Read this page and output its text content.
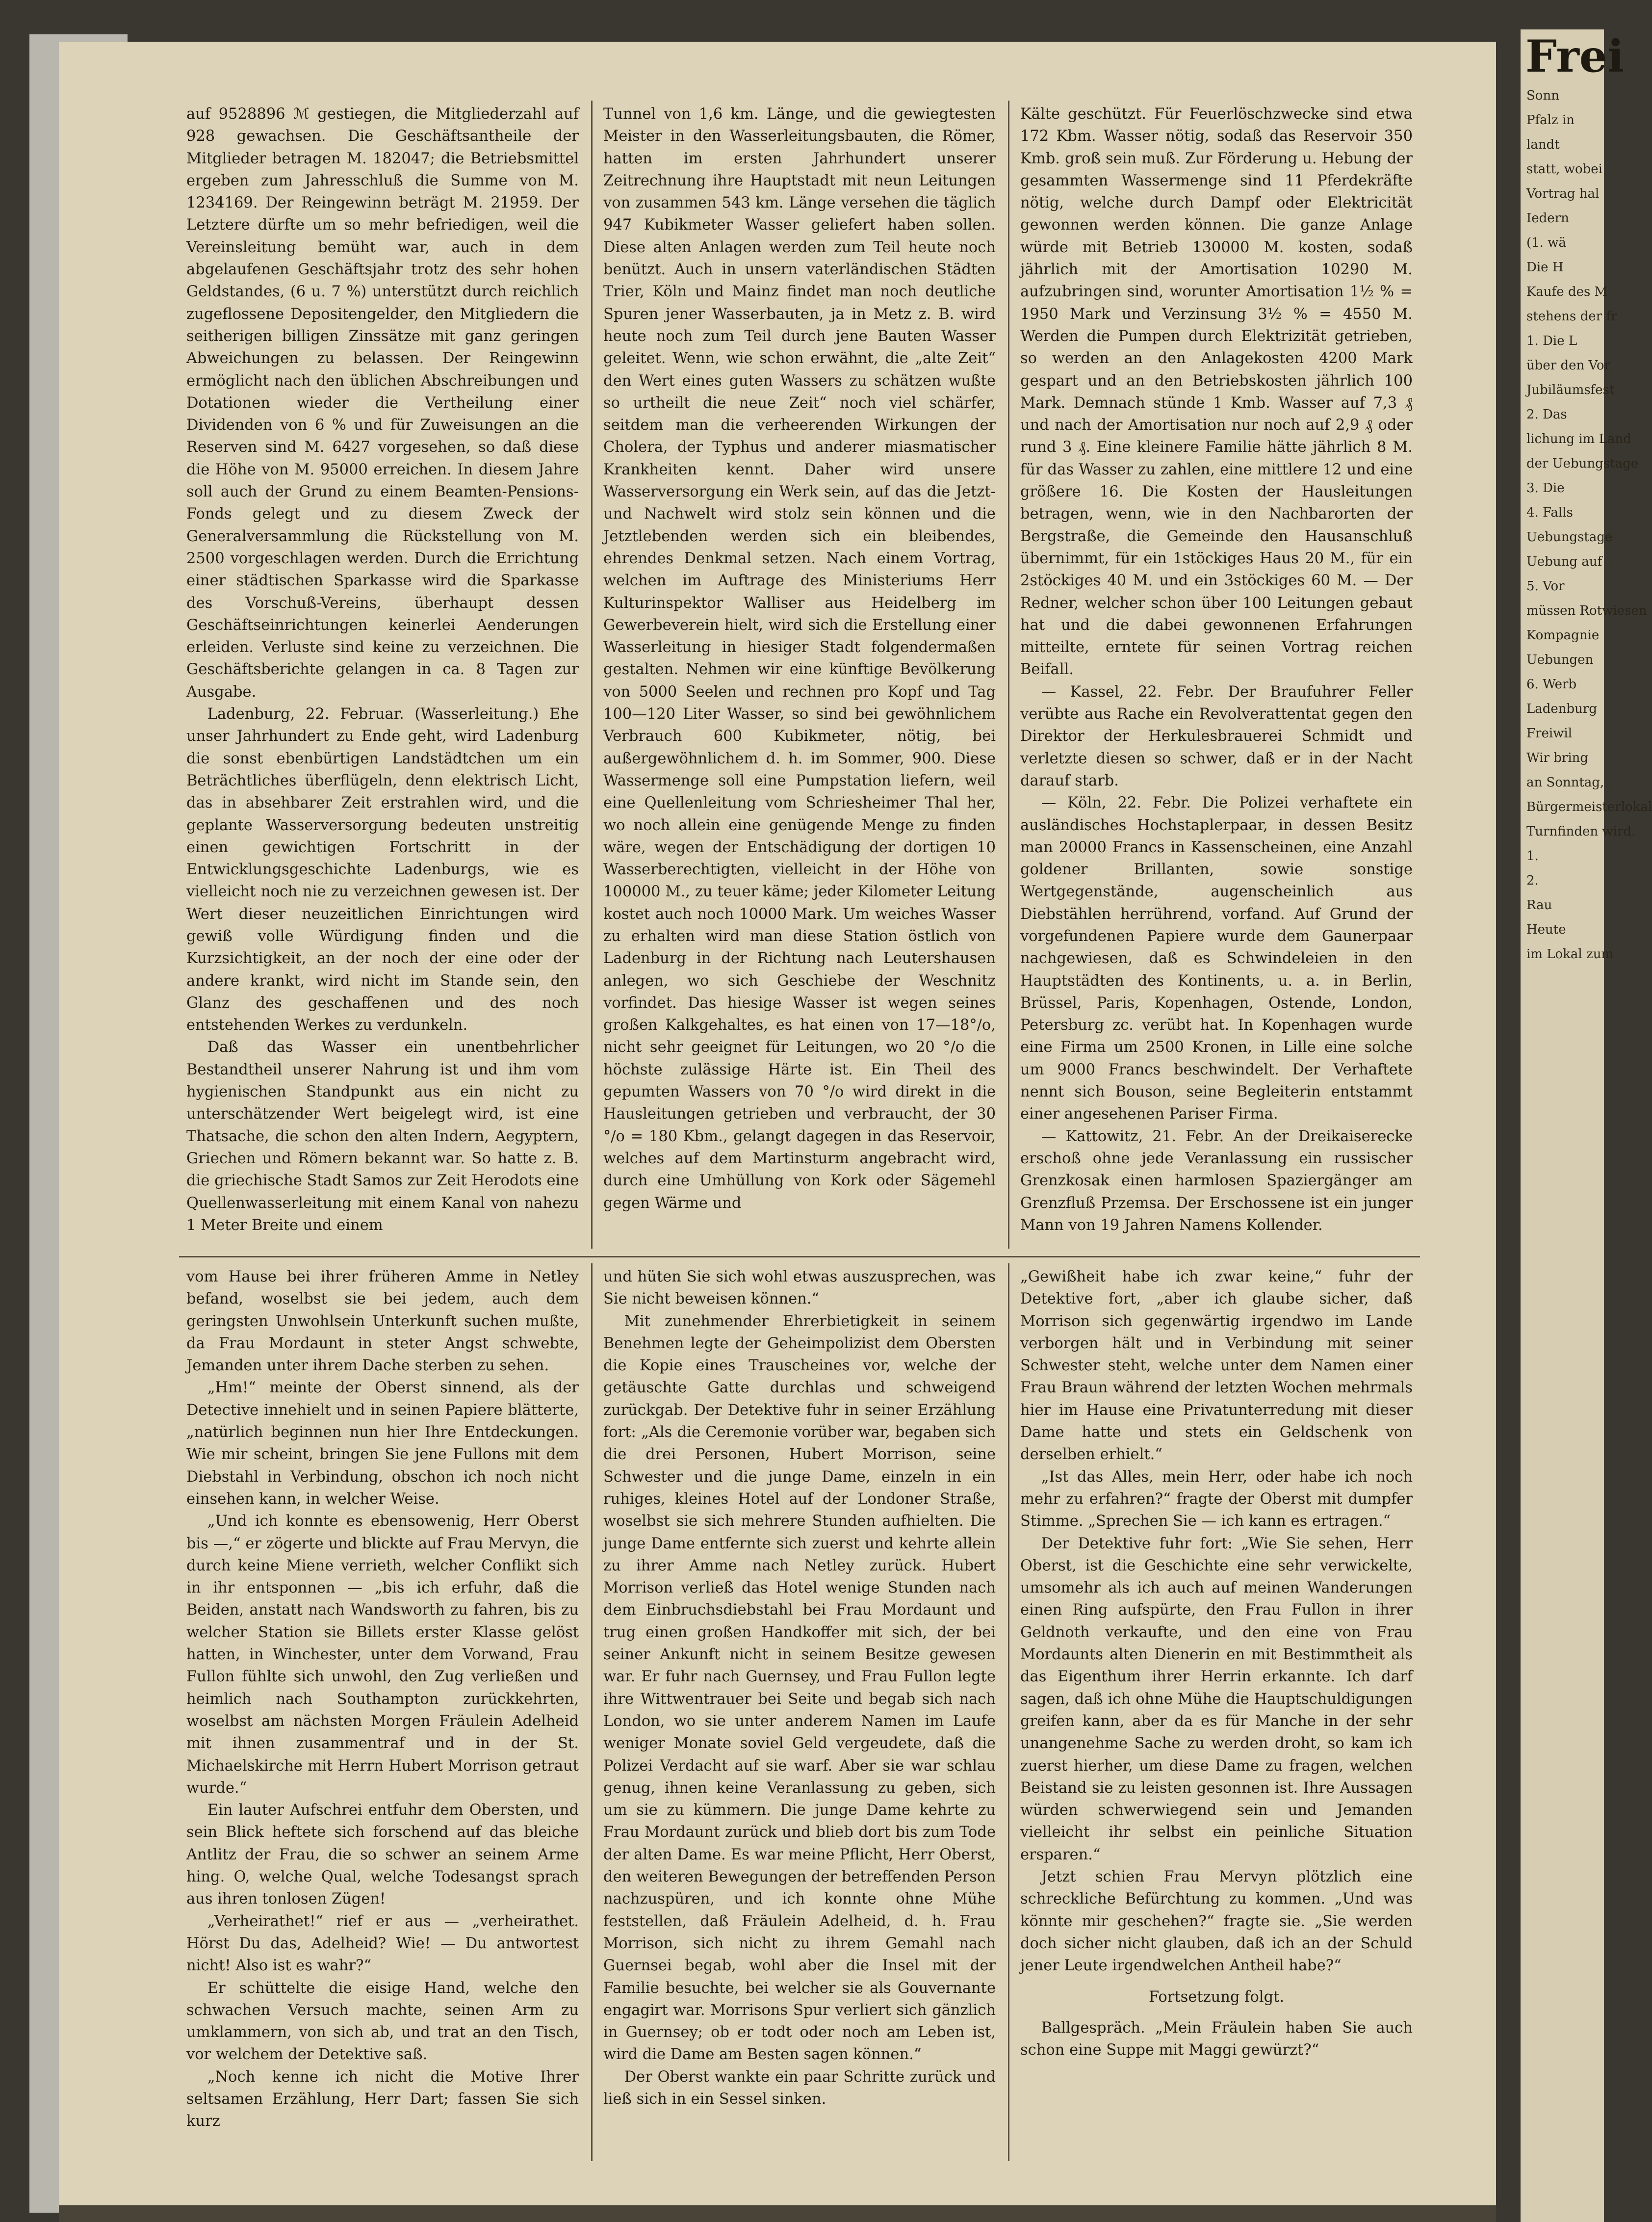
auf 9528896 ℳ gestiegen, die Mitgliederzahl auf 928 gewachsen. Die Geschäftsantheile der Mitglieder betragen M. 182047; die Betriebsmittel ergeben zum Jahresschluß die Summe von M. 1234169. Der Reingewinn beträgt M. 21959. Der Letztere dürfte um so mehr befriedigen, weil die Vereinsleitung bemüht war, auch in dem abgelaufenen Geschäftsjahr trotz des sehr hohen Geldstandes, (6 u. 7 %) unterstützt durch reichlich zugeflossene Depositengelder, den Mitgliedern die seitherigen billigen Zinssätze mit ganz geringen Abweichungen zu belassen. Der Reingewinn ermöglicht nach den üblichen Abschreibungen und Dotationen wieder die Vertheilung einer Dividenden von 6 % und für Zuweisungen an die Reserven sind M. 6427 vorgesehen, so daß diese die Höhe von M. 95000 erreichen. In diesem Jahre soll auch der Grund zu einem Beamten-Pensions-Fonds gelegt und zu diesem Zweck der Generalversammlung die Rückstellung von M. 2500 vorgeschlagen werden. Durch die Errichtung einer städtischen Sparkasse wird die Sparkasse des Vorschuß-Vereins, überhaupt dessen Geschäftseinrichtungen keinerlei Aenderungen erleiden. Verluste sind keine zu verzeichnen. Die Geschäftsberichte gelangen in ca. 8 Tagen zur Ausgabe.

Ladenburg, 22. Februar. (Wasserleitung.) Ehe unser Jahrhundert zu Ende geht, wird Ladenburg die sonst ebenbürtigen Landstädtchen um ein Beträchtliches überflügeln, denn elektrisch Licht, das in absehbarer Zeit erstrahlen wird, und die geplante Wasserversorgung bedeuten unstreitig einen gewichtigen Fortschritt in der Entwicklungsgeschichte Ladenburgs, wie es vielleicht noch nie zu verzeichnen gewesen ist. Der Wert dieser neuzeitlichen Einrichtungen wird gewiß volle Würdigung finden und die Kurzsichtigkeit, an der noch der eine oder der andere krankt, wird nicht im Stande sein, den Glanz des geschaffenen und des noch entstehenden Werkes zu verdunkeln.

Daß das Wasser ein unentbehrlicher Bestandtheil unserer Nahrung ist und ihm vom hygienischen Standpunkt aus ein nicht zu unterschätzender Wert beigelegt wird, ist eine Thatsache, die schon den alten Indern, Aegyptern, Griechen und Römern bekannt war. So hatte z. B. die griechische Stadt Samos zur Zeit Herodots eine Quellenwasserleitung mit einem Kanal von nahezu 1 Meter Breite und einem

Tunnel von 1,6 km. Länge, und die gewiegtesten Meister in den Wasserleitungsbauten, die Römer, hatten im ersten Jahrhundert unserer Zeitrechnung ihre Hauptstadt mit neun Leitungen von zusammen 543 km. Länge versehen die täglich 947 Kubikmeter Wasser geliefert haben sollen. Diese alten Anlagen werden zum Teil heute noch benützt. Auch in unsern vaterländischen Städten Trier, Köln und Mainz findet man noch deutliche Spuren jener Wasserbauten, ja in Metz z. B. wird heute noch zum Teil durch jene Bauten Wasser geleitet. Wenn, wie schon erwähnt, die „alte Zeit“ den Wert eines guten Wassers zu schätzen wußte so urtheilt die neue Zeit“ noch viel schärfer, seitdem man die verheerenden Wirkungen der Cholera, der Typhus und anderer miasmatischer Krankheiten kennt. Daher wird unsere Wasserversorgung ein Werk sein, auf das die Jetzt- und Nachwelt wird stolz sein können und die Jetztlebenden werden sich ein bleibendes, ehrendes Denkmal setzen. Nach einem Vortrag, welchen im Auftrage des Ministeriums Herr Kulturinspektor Walliser aus Heidelberg im Gewerbeverein hielt, wird sich die Erstellung einer Wasserleitung in hiesiger Stadt folgendermaßen gestalten. Nehmen wir eine künftige Bevölkerung von 5000 Seelen und rechnen pro Kopf und Tag 100—120 Liter Wasser, so sind bei gewöhnlichem Verbrauch 600 Kubikmeter, nötig, bei außergewöhnlichem d. h. im Sommer, 900. Diese Wassermenge soll eine Pumpstation liefern, weil eine Quellenleitung vom Schriesheimer Thal her, wo noch allein eine genügende Menge zu finden wäre, wegen der Entschädigung der dortigen 10 Wasserberechtigten, vielleicht in der Höhe von 100000 M., zu teuer käme; jeder Kilometer Leitung kostet auch noch 10000 Mark. Um weiches Wasser zu erhalten wird man diese Station östlich von Ladenburg in der Richtung nach Leutershausen anlegen, wo sich Geschiebe der Weschnitz vorfindet. Das hiesige Wasser ist wegen seines großen Kalkgehaltes, es hat einen von 17—18°/o, nicht sehr geeignet für Leitungen, wo 20 °/o die höchste zulässige Härte ist. Ein Theil des gepumten Wassers von 70 °/o wird direkt in die Hausleitungen getrieben und verbraucht, der 30 °/o = 180 Kbm., gelangt dagegen in das Reservoir, welches auf dem Martinsturm angebracht wird, durch eine Umhüllung von Kork oder Sägemehl gegen Wärme und

Kälte geschützt. Für Feuerlöschzwecke sind etwa 172 Kbm. Wasser nötig, sodaß das Reservoir 350 Kmb. groß sein muß. Zur Förderung u. Hebung der gesammten Wassermenge sind 11 Pferdekräfte nötig, welche durch Dampf oder Elektricität gewonnen werden können. Die ganze Anlage würde mit Betrieb 130000 M. kosten, sodaß jährlich mit der Amortisation 10290 M. aufzubringen sind, worunter Amortisation 1½ % = 1950 Mark und Verzinsung 3½ % = 4550 M. Werden die Pumpen durch Elektrizität getrieben, so werden an den Anlagekosten 4200 Mark gespart und an den Betriebskosten jährlich 100 Mark. Demnach stünde 1 Kmb. Wasser auf 7,3 ₰ und nach der Amortisation nur noch auf 2,9 ₰ oder rund 3 ₰. Eine kleinere Familie hätte jährlich 8 M. für das Wasser zu zahlen, eine mittlere 12 und eine größere 16. Die Kosten der Hausleitungen betragen, wenn, wie in den Nachbarorten der Bergstraße, die Gemeinde den Hausanschluß übernimmt, für ein 1stöckiges Haus 20 M., für ein 2stöckiges 40 M. und ein 3stöckiges 60 M. — Der Redner, welcher schon über 100 Leitungen gebaut hat und die dabei gewonnenen Erfahrungen mitteilte, erntete für seinen Vortrag reichen Beifall.

— Kassel, 22. Febr. Der Braufuhrer Feller verübte aus Rache ein Revolverattentat gegen den Direktor der Herkulesbrauerei Schmidt und verletzte diesen so schwer, daß er in der Nacht darauf starb.

— Köln, 22. Febr. Die Polizei verhaftete ein ausländisches Hochstaplerpaar, in dessen Besitz man 20000 Francs in Kassenscheinen, eine Anzahl goldener Brillanten, sowie sonstige Wertgegenstände, augenscheinlich aus Diebstählen herrührend, vorfand. Auf Grund der vorgefundenen Papiere wurde dem Gaunerpaar nachgewiesen, daß es Schwindeleien in den Hauptstädten des Kontinents, u. a. in Berlin, Brüssel, Paris, Kopenhagen, Ostende, London, Petersburg zc. verübt hat. In Kopenhagen wurde eine Firma um 2500 Kronen, in Lille eine solche um 9000 Francs beschwindelt. Der Verhaftete nennt sich Bouson, seine Begleiterin entstammt einer angesehenen Pariser Firma.

— Kattowitz, 21. Febr. An der Dreikaiserecke erschoß ohne jede Veranlassung ein russischer Grenzkosak einen harmlosen Spaziergänger am Grenzfluß Przemsa. Der Erschossene ist ein junger Mann von 19 Jahren Namens Kollender.

vom Hause bei ihrer früheren Amme in Netley befand, woselbst sie bei jedem, auch dem geringsten Unwohlsein Unterkunft suchen mußte, da Frau Mordaunt in steter Angst schwebte, Jemanden unter ihrem Dache sterben zu sehen.

„Hm!“ meinte der Oberst sinnend, als der Detective innehielt und in seinen Papiere blätterte, „natürlich beginnen nun hier Ihre Entdeckungen. Wie mir scheint, bringen Sie jene Fullons mit dem Diebstahl in Verbindung, obschon ich noch nicht einsehen kann, in welcher Weise.

„Und ich konnte es ebensowenig, Herr Oberst bis —,“ er zögerte und blickte auf Frau Mervyn, die durch keine Miene verrieth, welcher Conflikt sich in ihr entsponnen — „bis ich erfuhr, daß die Beiden, anstatt nach Wandsworth zu fahren, bis zu welcher Station sie Billets erster Klasse gelöst hatten, in Winchester, unter dem Vorwand, Frau Fullon fühlte sich unwohl, den Zug verließen und heimlich nach Southampton zurückkehrten, woselbst am nächsten Morgen Fräulein Adelheid mit ihnen zusammentraf und in der St. Michaelskirche mit Herrn Hubert Morrison getraut wurde.“

Ein lauter Aufschrei entfuhr dem Obersten, und sein Blick heftete sich forschend auf das bleiche Antlitz der Frau, die so schwer an seinem Arme hing. O, welche Qual, welche Todesangst sprach aus ihren tonlosen Zügen!

„Verheirathet!“ rief er aus — „verheirathet. Hörst Du das, Adelheid? Wie! — Du antwortest nicht! Also ist es wahr?“

Er schüttelte die eisige Hand, welche den schwachen Versuch machte, seinen Arm zu umklammern, von sich ab, und trat an den Tisch, vor welchem der Detektive saß.

„Noch kenne ich nicht die Motive Ihrer seltsamen Erzählung, Herr Dart; fassen Sie sich kurz

und hüten Sie sich wohl etwas auszusprechen, was Sie nicht beweisen können.“

Mit zunehmender Ehrerbietigkeit in seinem Benehmen legte der Geheimpolizist dem Obersten die Kopie eines Trauscheines vor, welche der getäuschte Gatte durchlas und schweigend zurückgab. Der Detektive fuhr in seiner Erzählung fort: „Als die Ceremonie vorüber war, begaben sich die drei Personen, Hubert Morrison, seine Schwester und die junge Dame, einzeln in ein ruhiges, kleines Hotel auf der Londoner Straße, woselbst sie sich mehrere Stunden aufhielten. Die junge Dame entfernte sich zuerst und kehrte allein zu ihrer Amme nach Netley zurück. Hubert Morrison verließ das Hotel wenige Stunden nach dem Einbruchsdiebstahl bei Frau Mordaunt und trug einen großen Handkoffer mit sich, der bei seiner Ankunft nicht in seinem Besitze gewesen war. Er fuhr nach Guernsey, und Frau Fullon legte ihre Wittwentrauer bei Seite und begab sich nach London, wo sie unter anderem Namen im Laufe weniger Monate soviel Geld vergeudete, daß die Polizei Verdacht auf sie warf. Aber sie war schlau genug, ihnen keine Veranlassung zu geben, sich um sie zu kümmern. Die junge Dame kehrte zu Frau Mordaunt zurück und blieb dort bis zum Tode der alten Dame. Es war meine Pflicht, Herr Oberst, den weiteren Bewegungen der betreffenden Person nachzuspüren, und ich konnte ohne Mühe feststellen, daß Fräulein Adelheid, d. h. Frau Morrison, sich nicht zu ihrem Gemahl nach Guernsei begab, wohl aber die Insel mit der Familie besuchte, bei welcher sie als Gouvernante engagirt war. Morrisons Spur verliert sich gänzlich in Guernsey; ob er todt oder noch am Leben ist, wird die Dame am Besten sagen können.“

Der Oberst wankte ein paar Schritte zurück und ließ sich in ein Sessel sinken.

„Gewißheit habe ich zwar keine,“ fuhr der Detektive fort, „aber ich glaube sicher, daß Morrison sich gegenwärtig irgendwo im Lande verborgen hält und in Verbindung mit seiner Schwester steht, welche unter dem Namen einer Frau Braun während der letzten Wochen mehrmals hier im Hause eine Privatunterredung mit dieser Dame hatte und stets ein Geldschenk von derselben erhielt.“

„Ist das Alles, mein Herr, oder habe ich noch mehr zu erfahren?“ fragte der Oberst mit dumpfer Stimme. „Sprechen Sie — ich kann es ertragen.“

Der Detektive fuhr fort: „Wie Sie sehen, Herr Oberst, ist die Geschichte eine sehr verwickelte, umsomehr als ich auch auf meinen Wanderungen einen Ring aufspürte, den Frau Fullon in ihrer Geldnoth verkaufte, und den eine von Frau Mordaunts alten Dienerin en mit Bestimmtheit als das Eigenthum ihrer Herrin erkannte. Ich darf sagen, daß ich ohne Mühe die Hauptschuldigungen greifen kann, aber da es für Manche in der sehr unangenehme Sache zu werden droht, so kam ich zuerst hierher, um diese Dame zu fragen, welchen Beistand sie zu leisten gesonnen ist. Ihre Aussagen würden schwerwiegend sein und Jemanden vielleicht ihr selbst ein peinliche Situation ersparen.“

Jetzt schien Frau Mervyn plötzlich eine schreckliche Befürchtung zu kommen. „Und was könnte mir geschehen?“ fragte sie. „Sie werden doch sicher nicht glauben, daß ich an der Schuld jener Leute irgendwelchen Antheil habe?“

Fortsetzung folgt.

Ballgespräch. „Mein Fräulein haben Sie auch schon eine Suppe mit Maggi gewürzt?“

Frei
Sonn
Pfalz in
landt
statt, wobei
Vortrag hal
Iedern
(1. wä
Die H
Kaufe des M
stehens der fr
1. Die L
über den Vor
Jubiläumsfest
2. Das
lichung im Land
der Uebungstage
3. Die
4. Falls
Uebungstage
Uebung auf
5. Vor
müssen Rotwiesen
Kompagnie
Uebungen
6. Werb
Ladenburg
Freiwil
Wir bring
an Sonntag,
Bürgermeisterlokal
Turnfinden wird.
1.
2.
Rau
Heute
im Lokal zum
